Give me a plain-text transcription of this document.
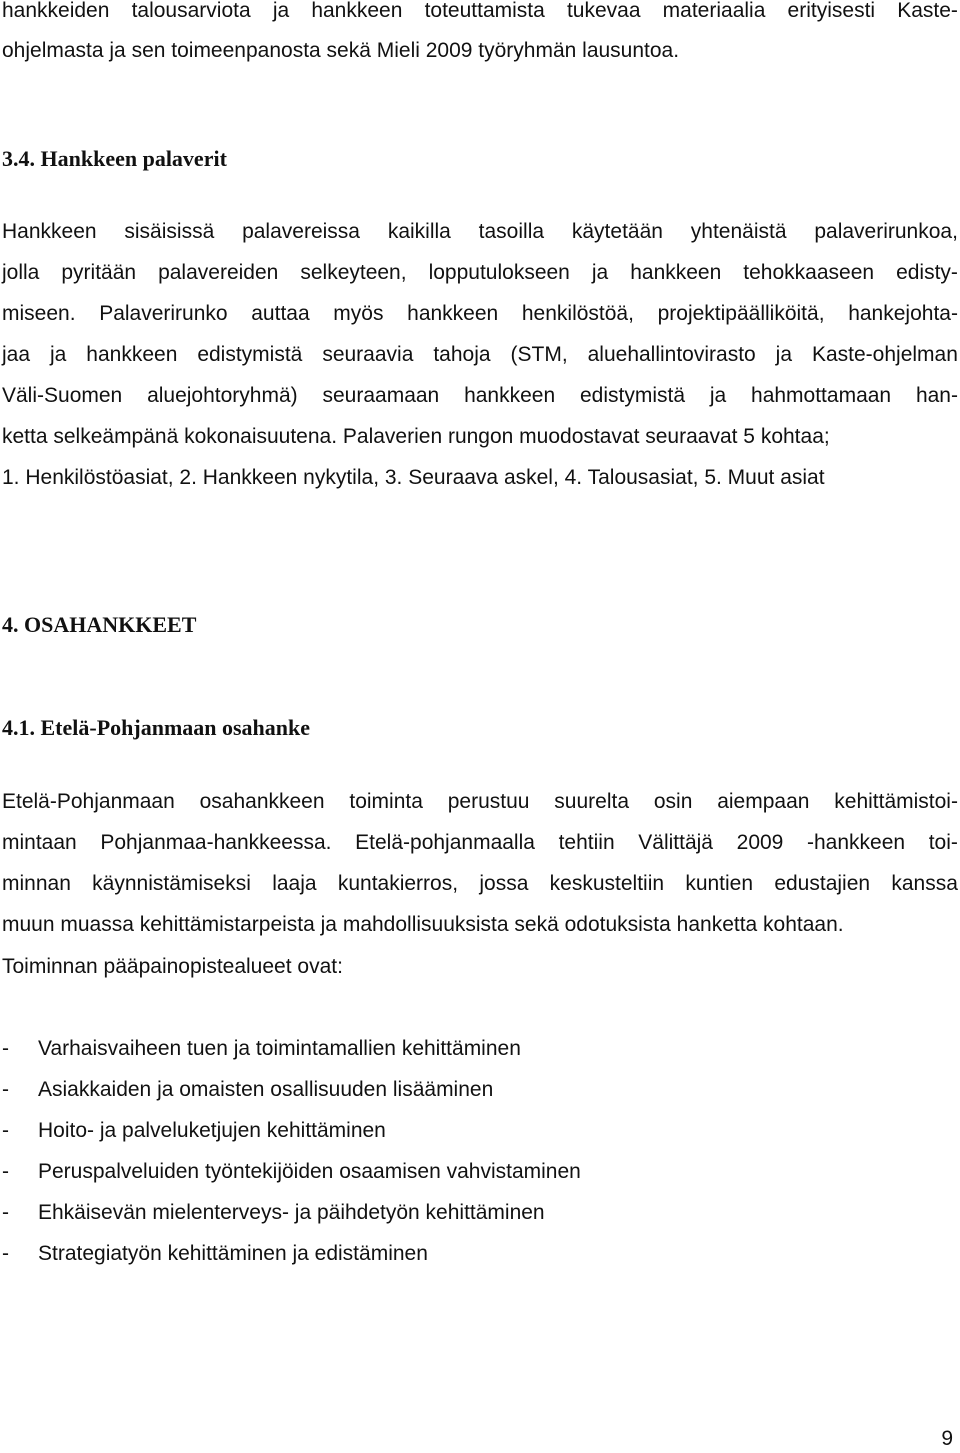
hankkeiden talousarviota ja hankkeen toteuttamista tukevaa materiaalia erityisesti Kaste-
ohjelmasta ja sen toimeenpanosta sekä Mieli 2009 työryhmän lausuntoa.
3.4. Hankkeen palaverit
Hankkeen sisäisissä palavereissa kaikilla tasoilla käytetään yhtenäistä palaverirunkoa,
jolla pyritään palavereiden selkeyteen, lopputulokseen ja hankkeen tehokkaaseen edisty-
miseen. Palaverirunko auttaa myös hankkeen henkilöstöä, projektipäälliköitä, hankejohta-
jaa ja hankkeen edistymistä seuraavia tahoja (STM, aluehallintovirasto ja Kaste-ohjelman
Väli-Suomen aluejohtoryhmä) seuraamaan hankkeen edistymistä ja hahmottamaan han-
ketta selkeämpänä kokonaisuutena. Palaverien rungon muodostavat seuraavat 5 kohtaa;
1. Henkilöstöasiat, 2. Hankkeen nykytila, 3. Seuraava askel, 4. Talousasiat, 5. Muut asiat
4. OSAHANKKEET
4.1. Etelä-Pohjanmaan osahanke
Etelä-Pohjanmaan osahankkeen toiminta perustuu suurelta osin aiempaan kehittämistoi-
mintaan Pohjanmaa-hankkeessa. Etelä-pohjanmaalla tehtiin Välittäjä 2009 -hankkeen toi-
minnan käynnistämiseksi laaja kuntakierros, jossa keskusteltiin kuntien edustajien kanssa
muun muassa kehittämistarpeista ja mahdollisuuksista sekä odotuksista hanketta kohtaan.
Toiminnan pääpainopistealueet ovat:
- Varhaisvaiheen tuen ja toimintamallien kehittäminen
- Asiakkaiden ja omaisten osallisuuden lisääminen
- Hoito- ja palveluketjujen kehittäminen
- Peruspalveluiden työntekijöiden osaamisen vahvistaminen
- Ehkäisevän mielenterveys- ja päihdetyön kehittäminen
- Strategiatyön kehittäminen ja edistäminen
9
